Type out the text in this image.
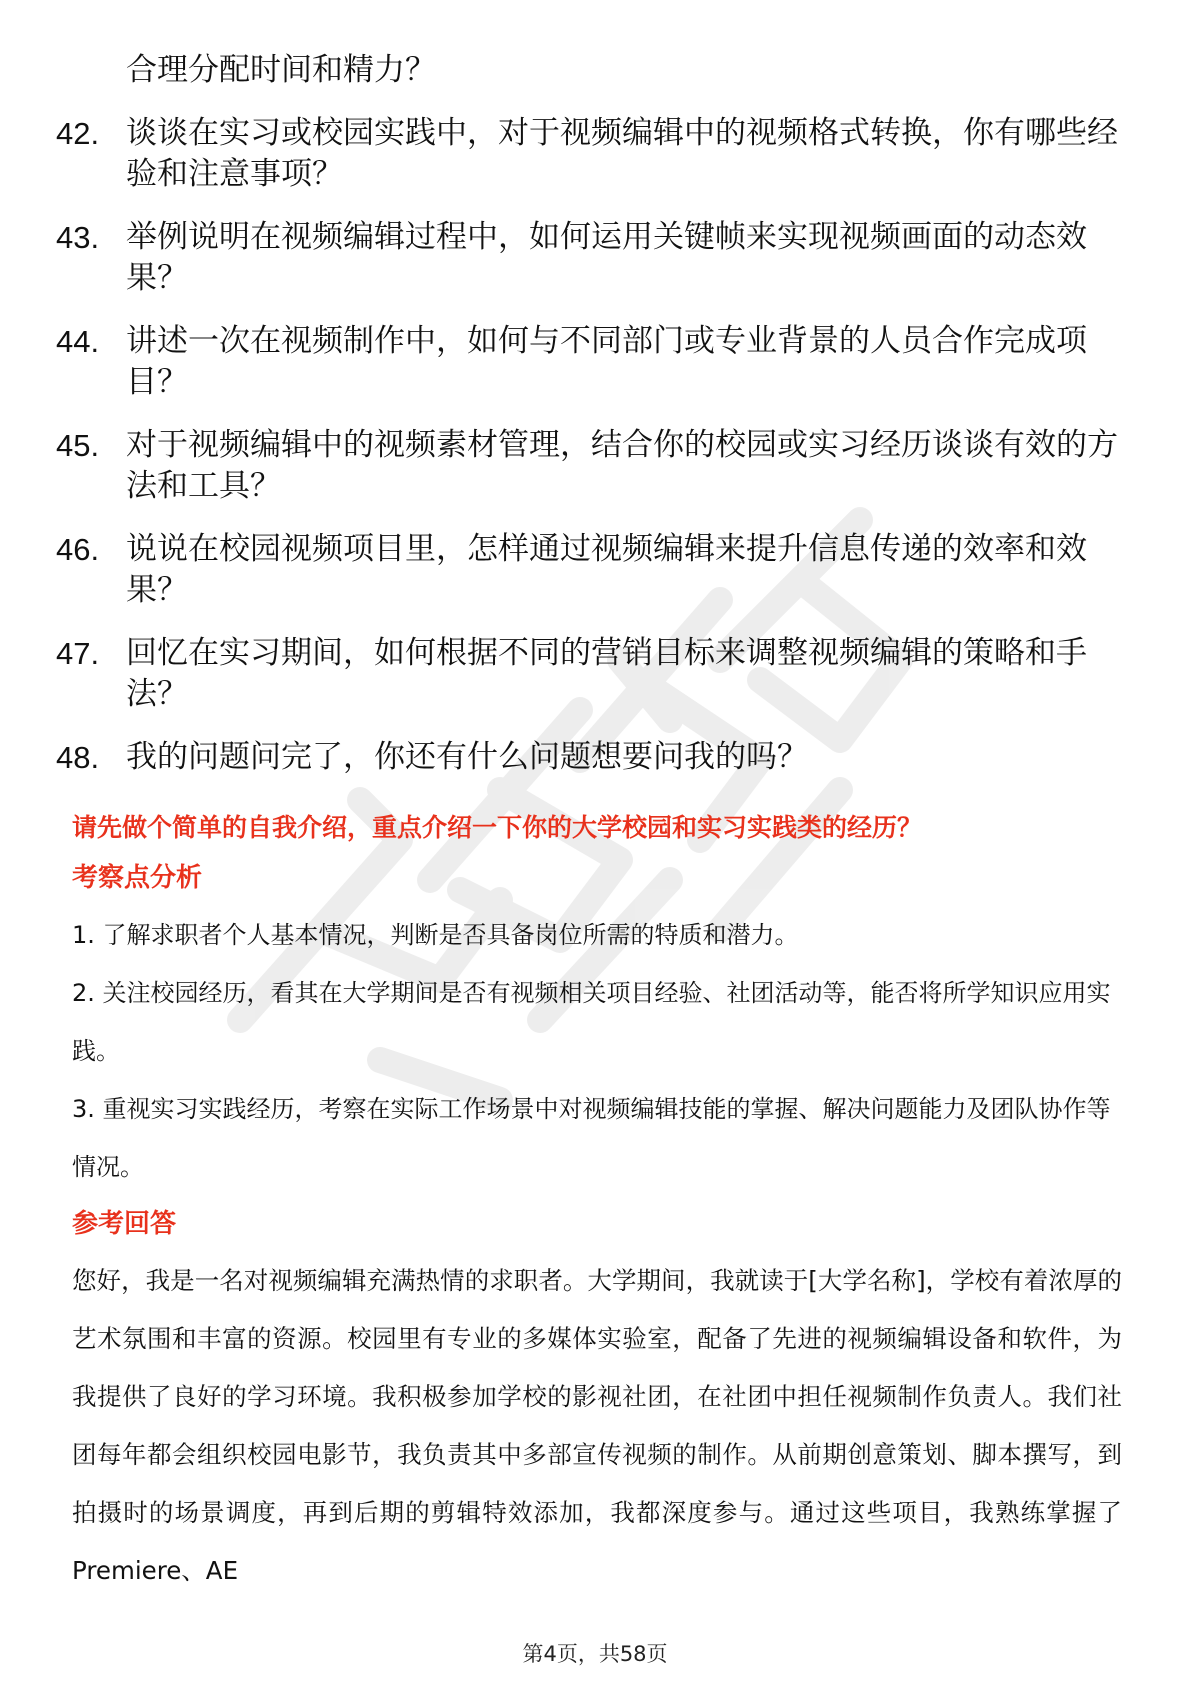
合理分配时间和精力？
42. 谈谈在实习或校园实践中，对于视频编辑中的视频格式转换，你有哪些经验和注意事项？
43. 举例说明在视频编辑过程中，如何运用关键帧来实现视频画面的动态效果？
44. 讲述一次在视频制作中，如何与不同部门或专业背景的人员合作完成项目？
45. 对于视频编辑中的视频素材管理，结合你的校园或实习经历谈谈有效的方法和工具？
46. 说说在校园视频项目里，怎样通过视频编辑来提升信息传递的效率和效果？
47. 回忆在实习期间，如何根据不同的营销目标来调整视频编辑的策略和手法？
48. 我的问题问完了，你还有什么问题想要问我的吗？

请先做个简单的自我介绍，重点介绍一下你的大学校园和实习实践类的经历？

考察点分析

1. 了解求职者个人基本情况，判断是否具备岗位所需的特质和潜力。

2. 关注校园经历，看其在大学期间是否有视频相关项目经验、社团活动等，能否将所学知识应用实践。

3. 重视实习实践经历，考察在实际工作场景中对视频编辑技能的掌握、解决问题能力及团队协作等情况。

参考回答

您好，我是一名对视频编辑充满热情的求职者。大学期间，我就读于[大学名称]，学校有着浓厚的艺术氛围和丰富的资源。校园里有专业的多媒体实验室，配备了先进的视频编辑设备和软件，为我提供了良好的学习环境。我积极参加学校的影视社团，在社团中担任视频制作负责人。我们社团每年都会组织校园电影节，我负责其中多部宣传视频的制作。从前期创意策划、脚本撰写，到拍摄时的场景调度，再到后期的剪辑特效添加，我都深度参与。通过这些项目，我熟练掌握了Premiere、AE

第4页，共58页
